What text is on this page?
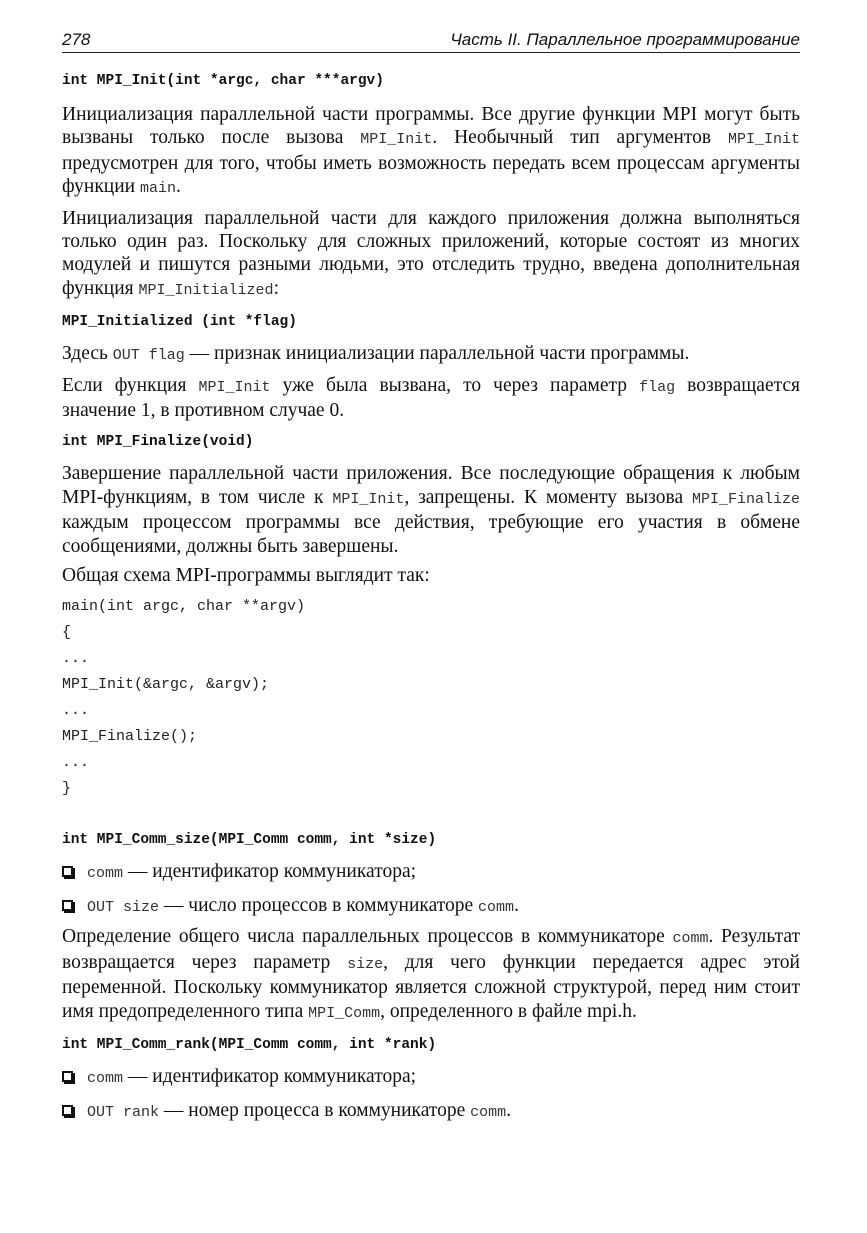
278	Часть II. Параллельное программирование

int MPI_Init(int *argc, char ***argv)

Инициализация параллельной части программы. Все другие функции MPI могут быть вызваны только после вызова MPI_Init. Необычный тип аргументов MPI_Init предусмотрен для того, чтобы иметь возможность передать всем процессам аргументы функции main.

Инициализация параллельной части для каждого приложения должна выполняться только один раз. Поскольку для сложных приложений, которые состоят из многих модулей и пишутся разными людьми, это отследить трудно, введена дополнительная функция MPI_Initialized:

MPI_Initialized (int *flag)

Здесь OUT flag — признак инициализации параллельной части программы.

Если функция MPI_Init уже была вызвана, то через параметр flag возвращается значение 1, в противном случае 0.

int MPI_Finalize(void)

Завершение параллельной части приложения. Все последующие обращения к любым MPI-функциям, в том числе к MPI_Init, запрещены. К моменту вызова MPI_Finalize каждым процессом программы все действия, требующие его участия в обмене сообщениями, должны быть завершены.

Общая схема MPI-программы выглядит так:

main(int argc, char **argv)

{

...

MPI_Init(&argc, &argv);

...

MPI_Finalize();

...

}

int MPI_Comm_size(MPI_Comm comm, int *size)

comm — идентификатор коммуникатора;
OUT size — число процессов в коммуникаторе comm.

Определение общего числа параллельных процессов в коммуникаторе comm. Результат возвращается через параметр size, для чего функции передается адрес этой переменной. Поскольку коммуникатор является сложной структурой, перед ним стоит имя предопределенного типа MPI_Comm, определенного в файле mpi.h.

int MPI_Comm_rank(MPI_Comm comm, int *rank)

comm — идентификатор коммуникатора;
OUT rank — номер процесса в коммуникаторе comm.
